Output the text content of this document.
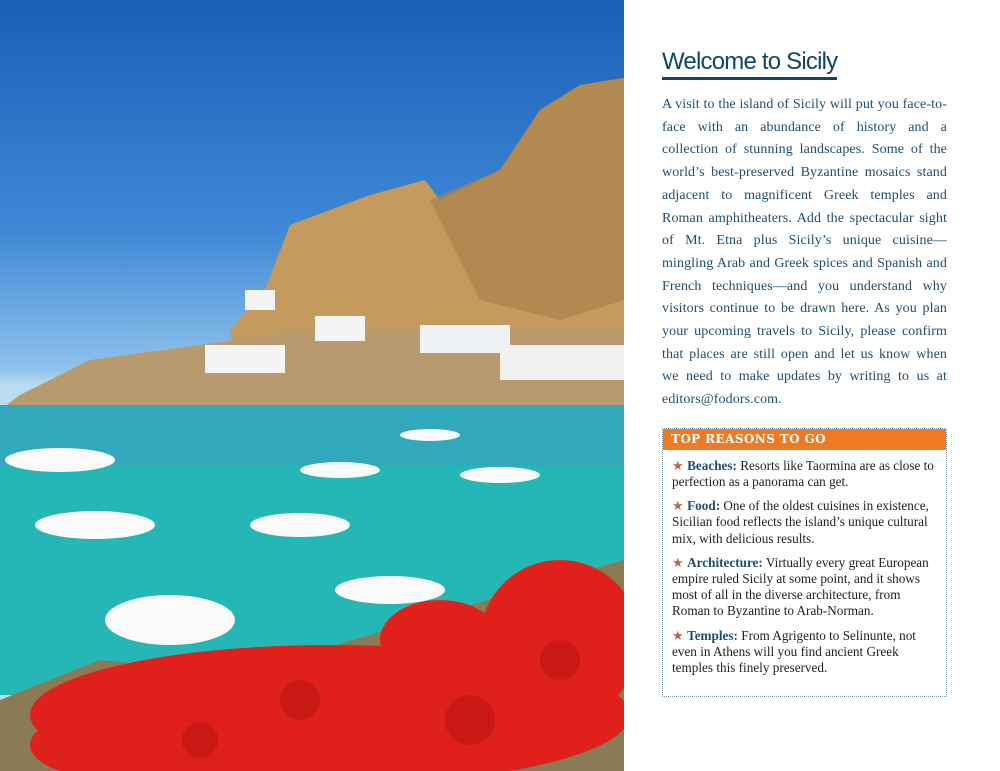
Welcome to Sicily

A visit to the island of Sicily will put you face-to-face with an abundance of history and a collection of stunning landscapes. Some of the world’s best-preserved Byzantine mosaics stand adjacent to magnificent Greek temples and Roman amphitheaters. Add the spectacular sight of Mt. Etna plus Sicily’s unique cuisine—mingling Arab and Greek spices and Spanish and French techniques—and you understand why visitors continue to be drawn here. As you plan your upcoming travels to Sicily, please confirm that places are still open and let us know when we need to make updates by writing to us at editors@fodors.com.

TOP REASONS TO GO
★ Beaches: Resorts like Taormina are as close to perfection as a panorama can get.
★ Food: One of the oldest cuisines in existence, Sicilian food reflects the island’s unique cultural mix, with delicious results.
★ Architecture: Virtually every great European empire ruled Sicily at some point, and it shows most of all in the diverse architecture, from Roman to Byzantine to Arab-Norman.
★ Temples: From Agrigento to Selinunte, not even in Athens will you find ancient Greek temples this finely preserved.
